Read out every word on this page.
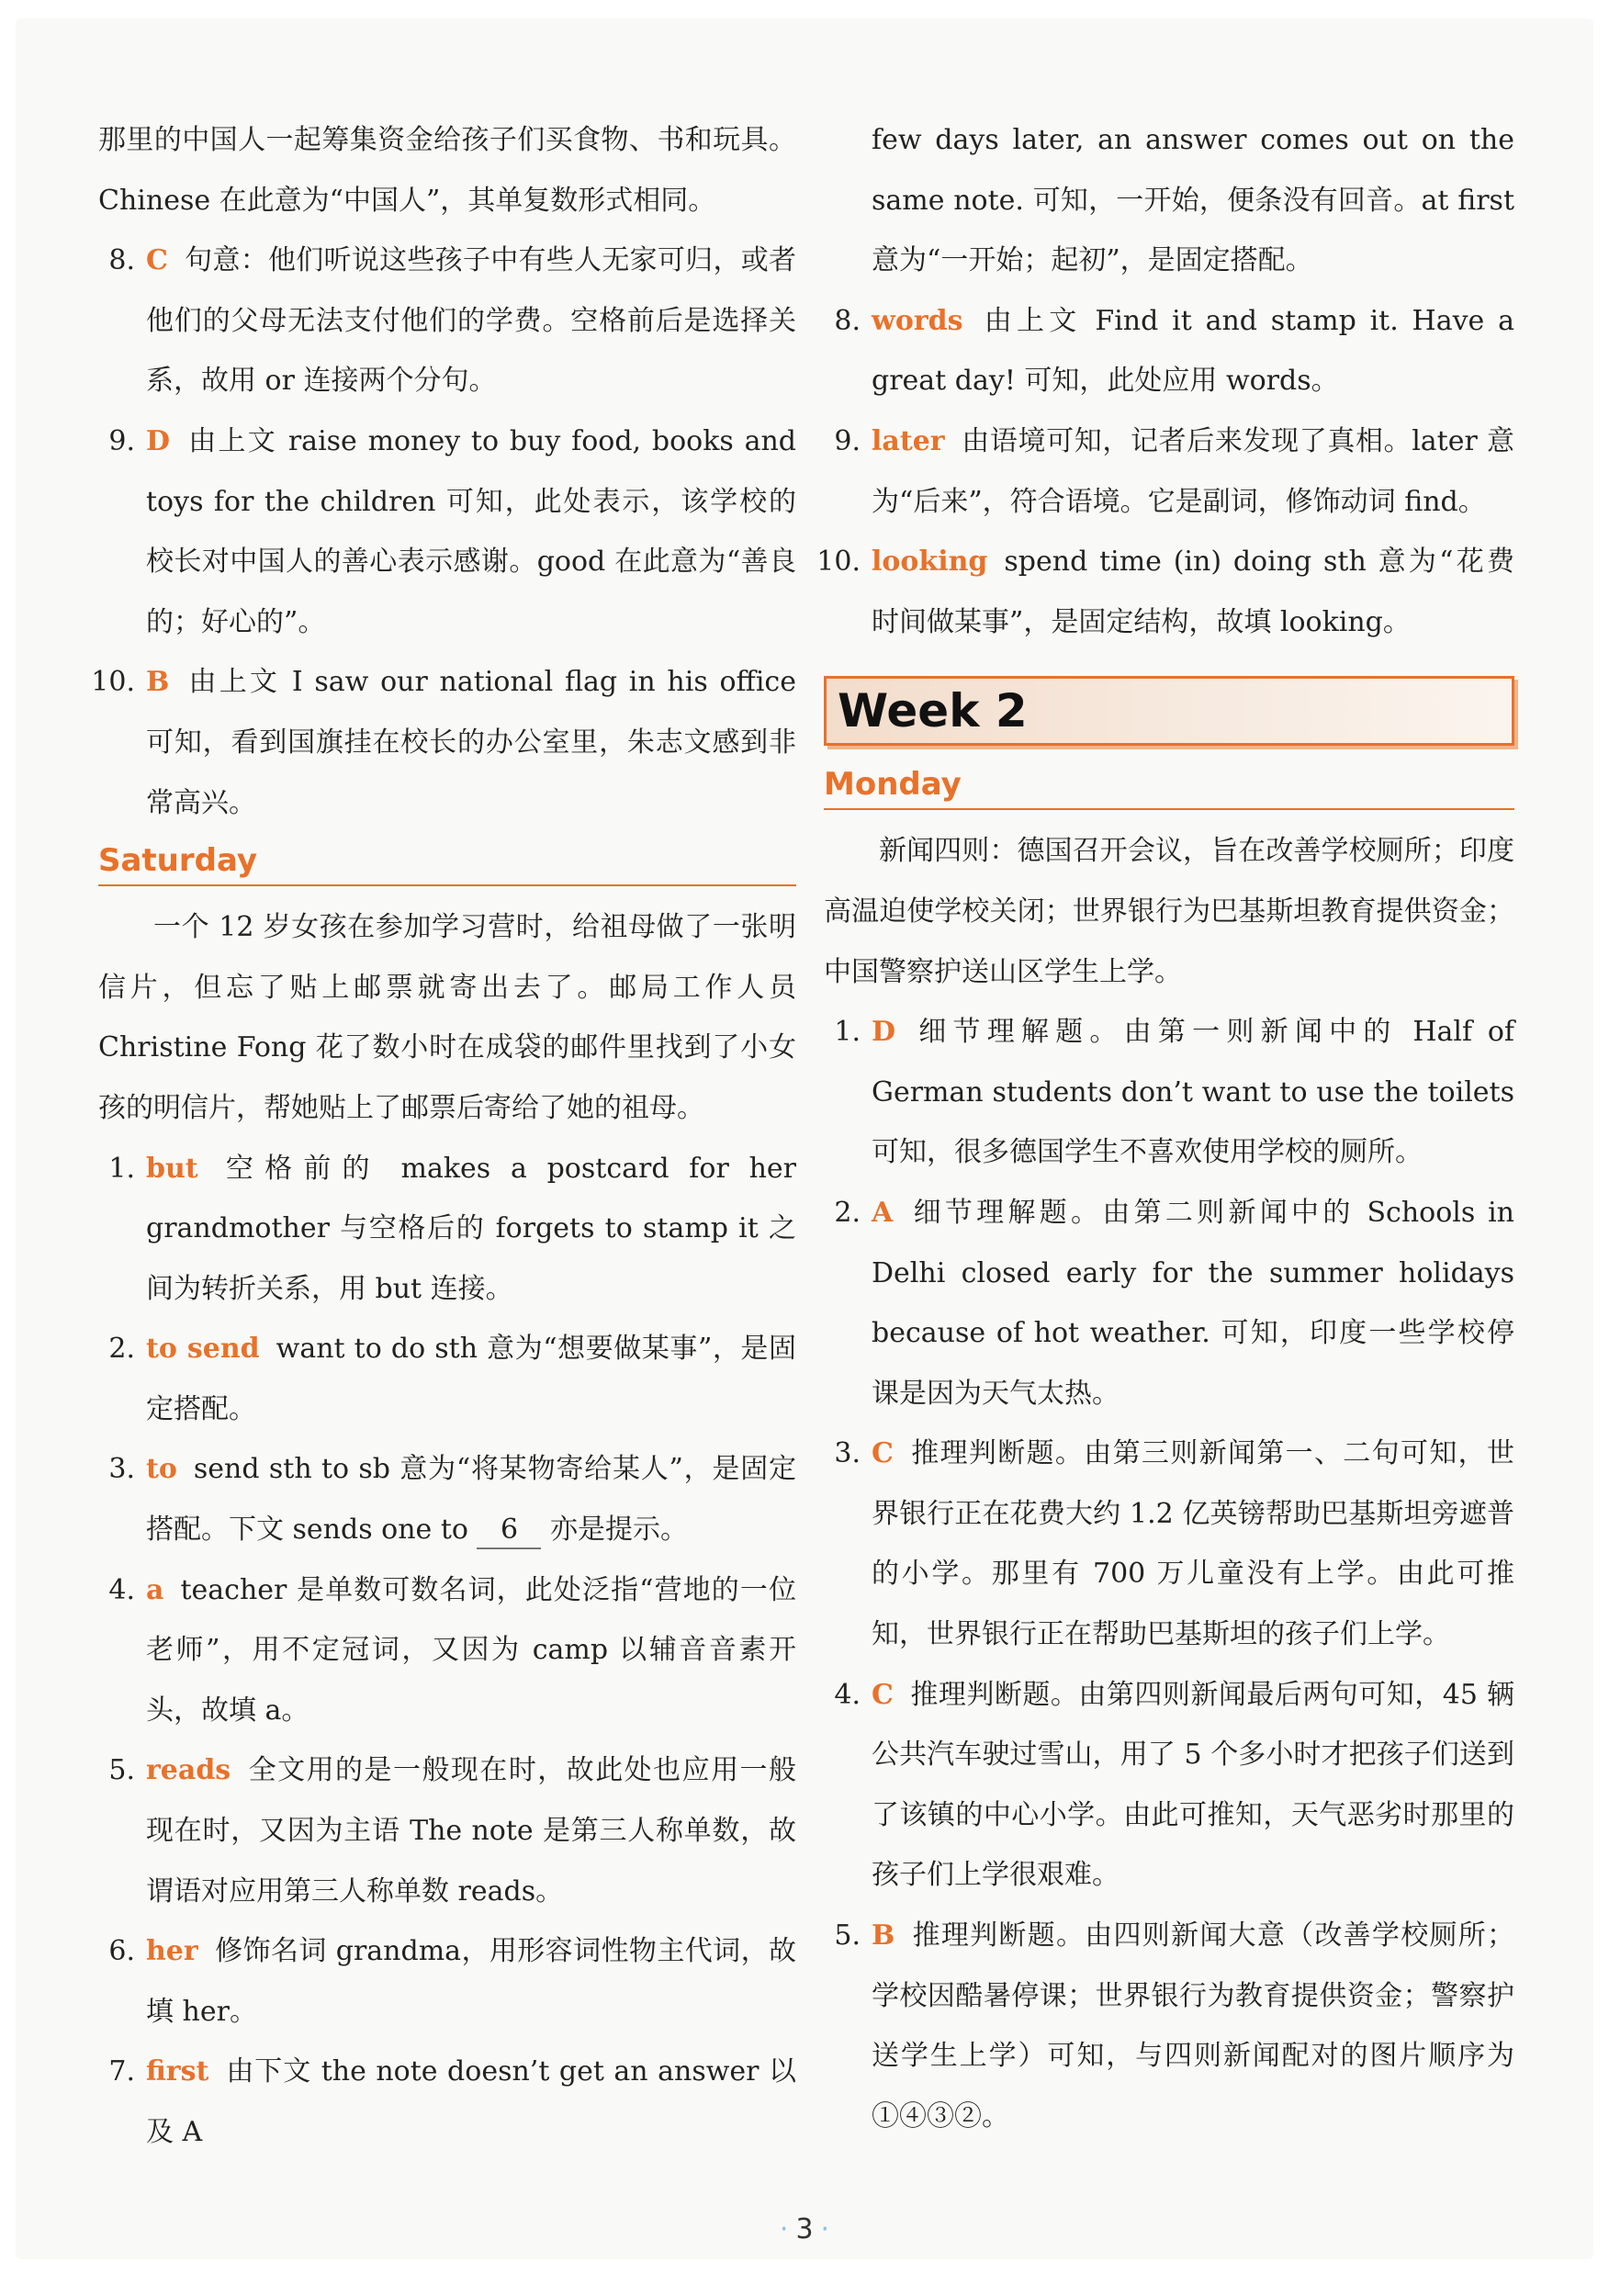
那里的中国人一起筹集资金给孩子们买食物、书和玩具。Chinese 在此意为“中国人”，其单复数形式相同。

8. C 句意：他们听说这些孩子中有些人无家可归，或者他们的父母无法支付他们的学费。空格前后是选择关系，故用 or 连接两个分句。

9. D 由上文 raise money to buy food, books and toys for the children 可知，此处表示，该学校的校长对中国人的善心表示感谢。good 在此意为“善良的；好心的”。

10. B 由上文 I saw our national flag in his office 可知，看到国旗挂在校长的办公室里，朱志文感到非常高兴。

Saturday

一个 12 岁女孩在参加学习营时，给祖母做了一张明信片，但忘了贴上邮票就寄出去了。邮局工作人员 Christine Fong 花了数小时在成袋的邮件里找到了小女孩的明信片，帮她贴上了邮票后寄给了她的祖母。

1. but 空格前的 makes a postcard for her grandmother 与空格后的 forgets to stamp it 之间为转折关系，用 but 连接。

2. to send want to do sth 意为“想要做某事”，是固定搭配。

3. to send sth to sb 意为“将某物寄给某人”，是固定搭配。下文 sends one to 6 亦是提示。

4. a teacher 是单数可数名词，此处泛指“营地的一位老师”，用不定冠词，又因为 camp 以辅音音素开头，故填 a。

5. reads 全文用的是一般现在时，故此处也应用一般现在时，又因为主语 The note 是第三人称单数，故谓语对应用第三人称单数 reads。

6. her 修饰名词 grandma，用形容词性物主代词，故填 her。

7. first 由下文 the note doesn’t get an answer 以及 A

few days later, an answer comes out on the same note. 可知，一开始，便条没有回音。at first 意为“一开始；起初”，是固定搭配。

8. words 由上文 Find it and stamp it. Have a great day! 可知，此处应用 words。

9. later 由语境可知，记者后来发现了真相。later 意为“后来”，符合语境。它是副词，修饰动词 find。

10. looking spend time (in) doing sth 意为“花费时间做某事”，是固定结构，故填 looking。

Week 2
Monday

新闻四则：德国召开会议，旨在改善学校厕所；印度高温迫使学校关闭；世界银行为巴基斯坦教育提供资金；中国警察护送山区学生上学。

1. D 细节理解题。由第一则新闻中的 Half of German students don’t want to use the toilets 可知，很多德国学生不喜欢使用学校的厕所。

2. A 细节理解题。由第二则新闻中的 Schools in Delhi closed early for the summer holidays because of hot weather. 可知，印度一些学校停课是因为天气太热。

3. C 推理判断题。由第三则新闻第一、二句可知，世界银行正在花费大约 1.2 亿英镑帮助巴基斯坦旁遮普的小学。那里有 700 万儿童没有上学。由此可推知，世界银行正在帮助巴基斯坦的孩子们上学。

4. C 推理判断题。由第四则新闻最后两句可知，45 辆公共汽车驶过雪山，用了 5 个多小时才把孩子们送到了该镇的中心小学。由此可推知，天气恶劣时那里的孩子们上学很艰难。

5. B 推理判断题。由四则新闻大意（改善学校厕所；学校因酷暑停课；世界银行为教育提供资金；警察护送学生上学）可知，与四则新闻配对的图片顺序为①④③②。

· 3 ·
